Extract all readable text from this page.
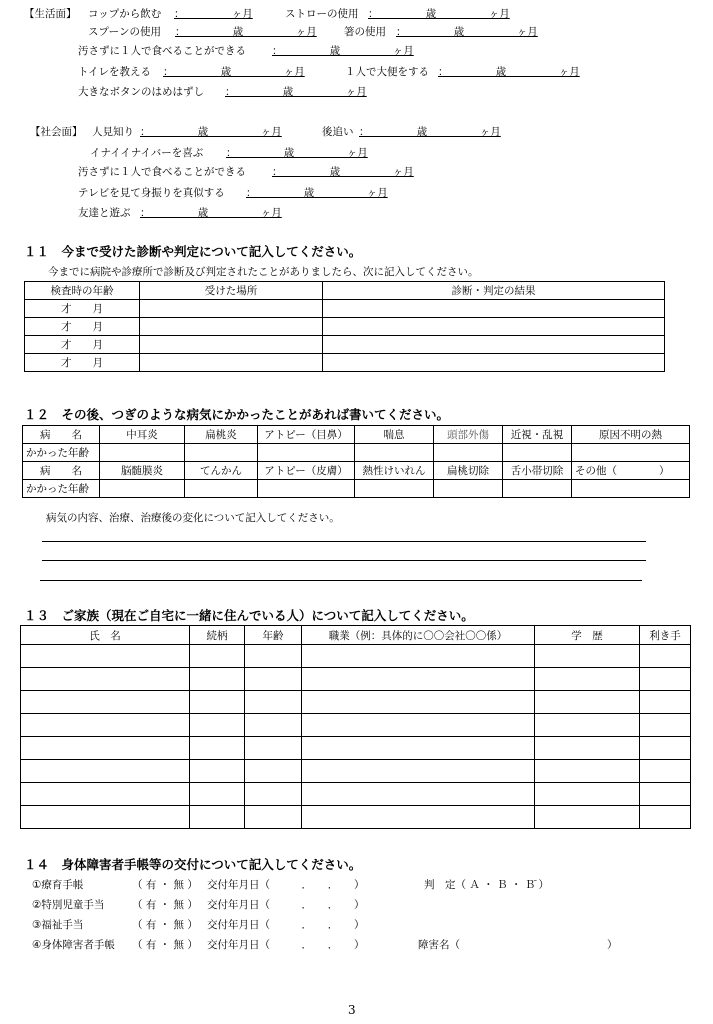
【生活面】 コップから飲む ：　　　　　ヶ月	ストローの使用 ：　　　　　歳　　　　　ヶ月
スプーンの使用 ：　　　　　歳　　　　　ヶ月	箸の使用 ：　　　　　歳　　　　　ヶ月
汚さずに１人で食べることができる ：　　　　　歳　　　　　ヶ月
トイレを教える ：　　　　　歳　　　　　ヶ月	１人で大便をする ：　　　　　歳　　　　　ヶ月
大きなボタンのはめはずし ：　　　　　歳　　　　　ヶ月
【社会面】 人見知り ：　　　　　歳　　　　　ヶ月	後追い ：　　　　　歳　　　　　ヶ月
イナイイナイバーを喜ぶ ：　　　　　歳　　　　　ヶ月
汚さずに１人で食べることができる ：　　　　　歳　　　　　ヶ月
テレビを見て身振りを真似する ：　　　　　歳　　　　　ヶ月
友達と遊ぶ ：　　　　　歳　　　　　ヶ月
１１　今まで受けた診断や判定について記入してください。
今までに病院や診療所で診断及び判定されたことがありましたら、次に記入してください。
検査時の年齢	受けた場所	診断・判定の結果
才　　月		
才　　月		
才　　月		
才　　月		
１２　その後、つぎのような病気にかかったことがあれば書いてください。
病　　名	中耳炎	扁桃炎	アトピー（目鼻）	喘息	頭部外傷	近視・乱視	原因不明の熱
かかった年齢							
病　　名	脳髄膜炎	てんかん	アトピー（皮膚）	熱性けいれん	扁桃切除	舌小帯切除	その他（　　　　）
かかった年齢							
病気の内容、治療、治療後の変化について記入してください。
１３　ご家族（現在ご自宅に一緒に住んでいる人）について記入してください。
氏　名	続柄	年齢	職業（例：具体的に〇〇会社〇〇係）	学　歴	利き手

１４　身体障害者手帳等の交付について記入してください。
①療育手帳	（ 有 ・ 無 ） 交付年月日（　　　．　　．　　）	判　定（ Ａ ・ Ｂ ・ Ｂ̄ ）
②特別児童手当	（ 有 ・ 無 ） 交付年月日（　　　．　　．　　）
③福祉手当	（ 有 ・ 無 ） 交付年月日（　　　．　　．　　）
④身体障害者手帳 （ 有 ・ 無 ） 交付年月日（　　　．　　．　　）	障害名（　　　　　　　　　　　　　　）
3
